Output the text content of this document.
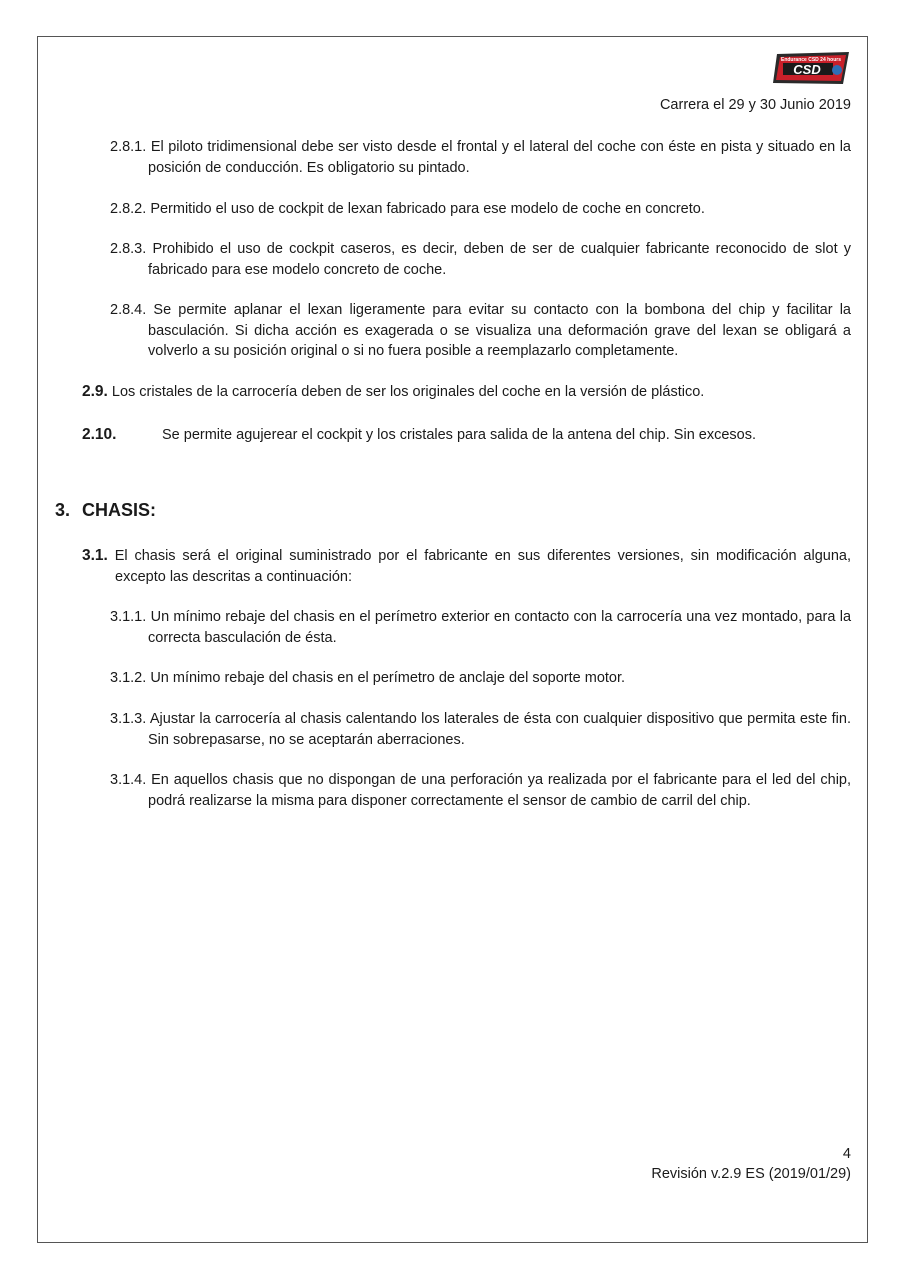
Endurance CSD 24 hours
CSD
Carrera el 29 y 30 Junio 2019
2.8.1. El piloto tridimensional debe ser visto desde el frontal y el lateral del coche con éste en pista y situado en la posición de conducción. Es obligatorio su pintado.
2.8.2. Permitido el uso de cockpit de lexan fabricado para ese modelo de coche en concreto.
2.8.3. Prohibido el uso de cockpit caseros, es decir, deben de ser de cualquier fabricante reconocido de slot y fabricado para ese modelo concreto de coche.
2.8.4. Se permite aplanar el lexan ligeramente para evitar su contacto con la bombona del chip y facilitar la basculación. Si dicha acción es exagerada o se visualiza una deformación grave del lexan se obligará a volverlo a su posición original o si no fuera posible a reemplazarlo completamente.
2.9. Los cristales de la carrocería deben de ser los originales del coche en la versión de plástico.
2.10.	Se permite agujerear el cockpit y los cristales para salida de la antena del chip. Sin excesos.
3. CHASIS:
3.1. El chasis será el original suministrado por el fabricante en sus diferentes versiones, sin modificación alguna, excepto las descritas a continuación:
3.1.1. Un mínimo rebaje del chasis en el perímetro exterior en contacto con la carrocería una vez montado, para la correcta basculación de ésta.
3.1.2. Un mínimo rebaje del chasis en el perímetro de anclaje del soporte motor.
3.1.3. Ajustar la carrocería al chasis calentando los laterales de ésta con cualquier dispositivo que permita este fin. Sin sobrepasarse, no se aceptarán aberraciones.
3.1.4. En aquellos chasis que no dispongan de una perforación ya realizada por el fabricante para el led del chip, podrá realizarse la misma para disponer correctamente el sensor de cambio de carril del chip.
4
Revisión v.2.9 ES (2019/01/29)
